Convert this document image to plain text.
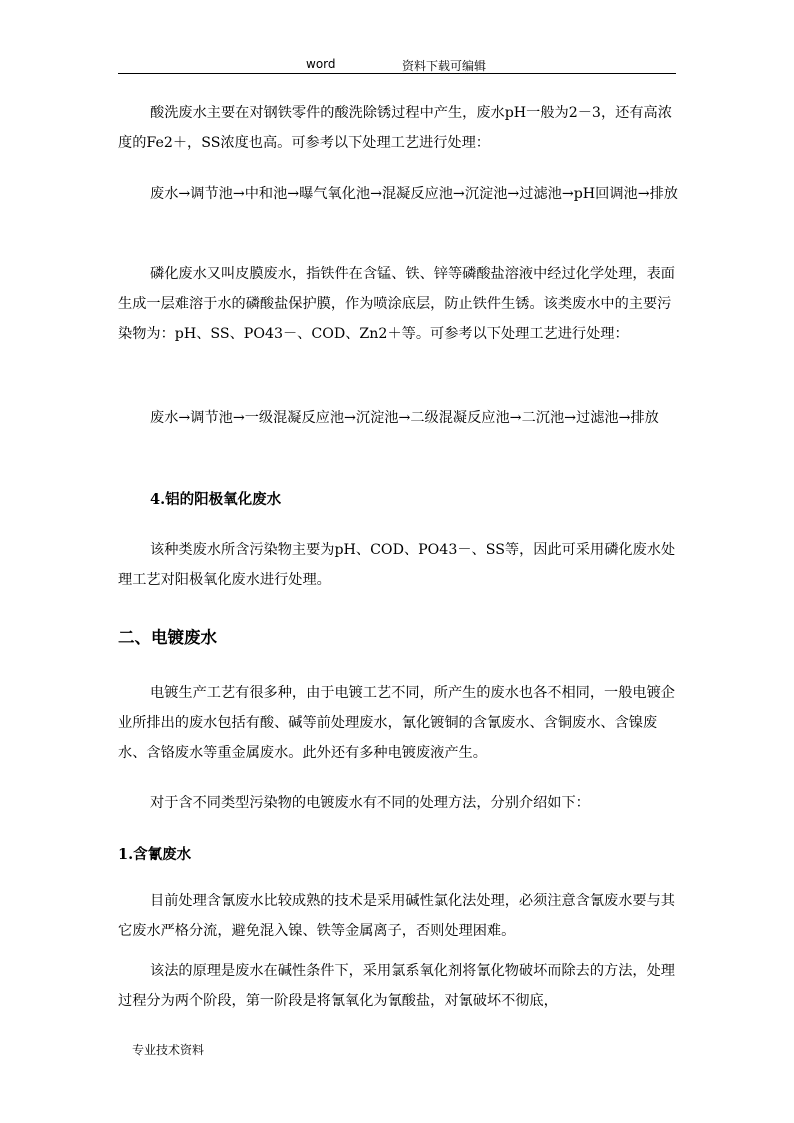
word	资料下载可编辑

酸洗废水主要在对钢铁零件的酸洗除锈过程中产生，废水pH一般为2－3，还有高浓度的Fe2＋，SS浓度也高。可参考以下处理工艺进行处理：

废水→调节池→中和池→曝气氧化池→混凝反应池→沉淀池→过滤池→pH回调池→排放

磷化废水又叫皮膜废水，指铁件在含锰、铁、锌等磷酸盐溶液中经过化学处理，表面生成一层难溶于水的磷酸盐保护膜，作为喷涂底层，防止铁件生锈。该类废水中的主要污染物为：pH、SS、PO43－、COD、Zn2＋等。可参考以下处理工艺进行处理：

废水→调节池→一级混凝反应池→沉淀池→二级混凝反应池→二沉池→过滤池→排放

4.铝的阳极氧化废水

该种类废水所含污染物主要为pH、COD、PO43－、SS等，因此可采用磷化废水处理工艺对阳极氧化废水进行处理。

二、电镀废水

电镀生产工艺有很多种，由于电镀工艺不同，所产生的废水也各不相同，一般电镀企业所排出的废水包括有酸、碱等前处理废水，氰化镀铜的含氰废水、含铜废水、含镍废水、含铬废水等重金属废水。此外还有多种电镀废液产生。

对于含不同类型污染物的电镀废水有不同的处理方法，分别介绍如下：

1.含氰废水

目前处理含氰废水比较成熟的技术是采用碱性氯化法处理，必须注意含氰废水要与其它废水严格分流，避免混入镍、铁等金属离子，否则处理困难。

该法的原理是废水在碱性条件下，采用氯系氧化剂将氰化物破坏而除去的方法，处理过程分为两个阶段，第一阶段是将氰氧化为氰酸盐，对氰破坏不彻底，

专业技术资料
